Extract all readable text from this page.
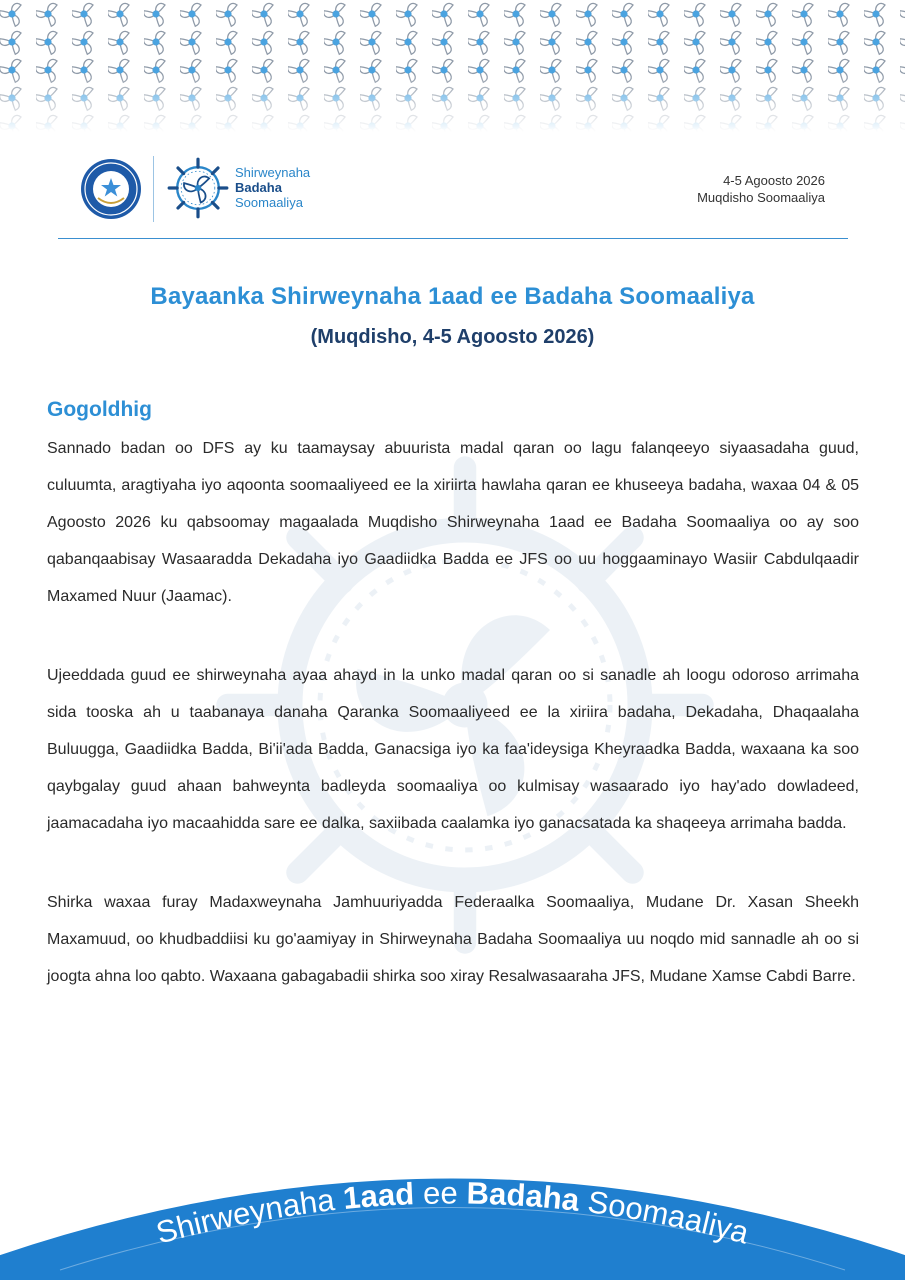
Shirweynaha
Badaha
Soomaaliya
4-5 Agoosto 2026
Muqdisho Soomaaliya
Bayaanka Shirweynaha 1aad ee Badaha Soomaaliya
(Muqdisho, 4-5 Agoosto 2026)
Gogoldhig

Sannado badan oo DFS ay ku taamaysay abuurista madal qaran oo lagu falanqeeyo siyaasadaha guud, culuumta, aragtiyaha iyo aqoonta soomaaliyeed ee la xiriirta hawlaha qaran ee khuseeya badaha, waxaa 04 & 05 Agoosto 2026 ku qabsoomay magaalada Muqdisho Shirweynaha 1aad ee Badaha Soomaaliya oo ay soo qabanqaabisay Wasaaradda Dekadaha iyo Gaadiidka Badda ee JFS oo uu hoggaaminayo Wasiir Cabdulqaadir Maxamed Nuur (Jaamac).

Ujeeddada guud ee shirweynaha ayaa ahayd in la unko madal qaran oo si sanadle ah loogu odoroso arrimaha sida tooska ah u taabanaya danaha Qaranka Soomaaliyeed ee la xiriira badaha, Dekadaha, Dhaqaalaha Buluugga, Gaadiidka Badda, Bi'ii'ada Badda, Ganacsiga iyo ka faa'ideysiga Kheyraadka Badda, waxaana ka soo qaybgalay guud ahaan bahweynta badleyda soomaaliya oo kulmisay wasaarado iyo hay'ado dowladeed, jaamacadaha iyo macaahidda sare ee dalka, saxiibada caalamka iyo ganacsatada ka shaqeeya arrimaha badda.

Shirka waxaa furay Madaxweynaha Jamhuuriyadda Federaalka Soomaaliya, Mudane Dr. Xasan Sheekh Maxamuud, oo khudbaddiisi ku go'aamiyay in Shirweynaha Badaha Soomaaliya uu noqdo mid sannadle ah oo si joogta ahna loo qabto. Waxaana gabagabadii shirka soo xiray Resalwasaaraha JFS, Mudane Xamse Cabdi Barre.

Shirweynaha 1aad ee Badaha Soomaaliya
